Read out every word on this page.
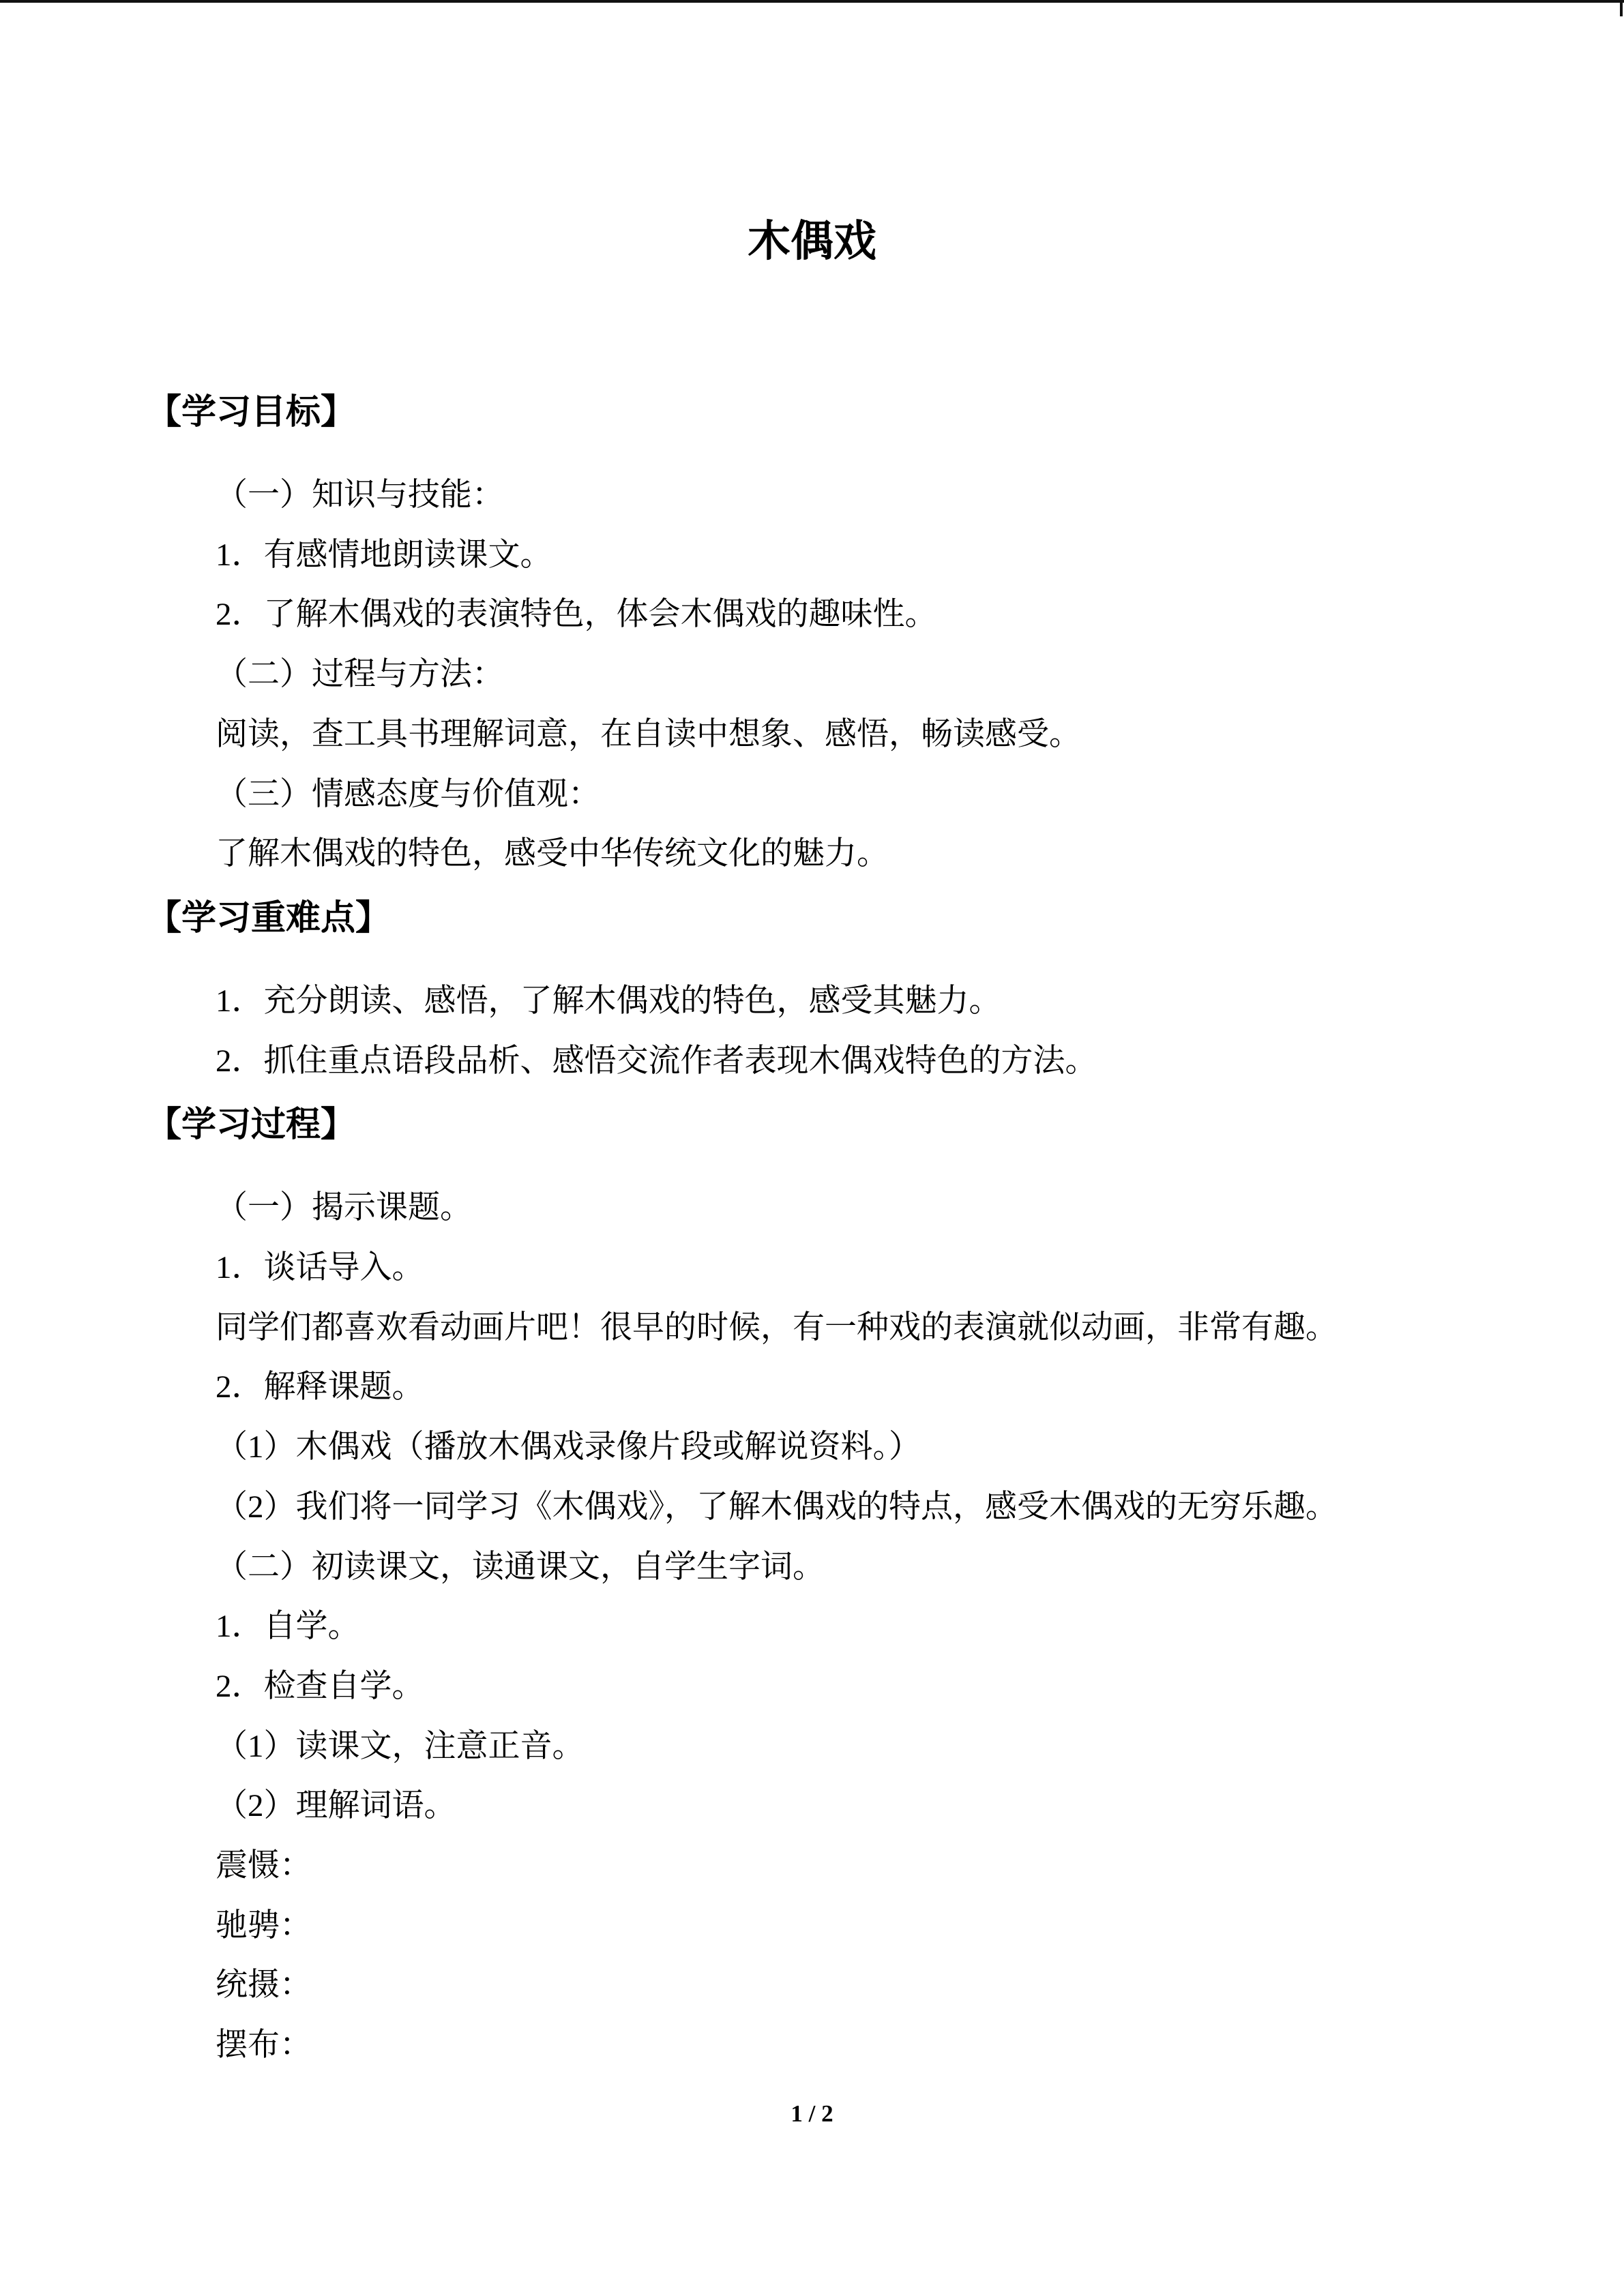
木偶戏
【学习目标】

（一）知识与技能：

1．有感情地朗读课文。

2．了解木偶戏的表演特色，体会木偶戏的趣味性。

（二）过程与方法：

阅读，查工具书理解词意，在自读中想象、感悟，畅读感受。

（三）情感态度与价值观：

了解木偶戏的特色，感受中华传统文化的魅力。

【学习重难点】

1．充分朗读、感悟，了解木偶戏的特色，感受其魅力。

2．抓住重点语段品析、感悟交流作者表现木偶戏特色的方法。

【学习过程】

（一）揭示课题。

1．谈话导入。

同学们都喜欢看动画片吧！很早的时候，有一种戏的表演就似动画，非常有趣。

2．解释课题。

（1）木偶戏（播放木偶戏录像片段或解说资料。）

（2）我们将一同学习《木偶戏》，了解木偶戏的特点，感受木偶戏的无穷乐趣。

（二）初读课文，读通课文，自学生字词。

1．自学。

2．检查自学。

（1）读课文，注意正音。

（2）理解词语。

震慑：

驰骋：

统摄：

摆布：

1 / 2
